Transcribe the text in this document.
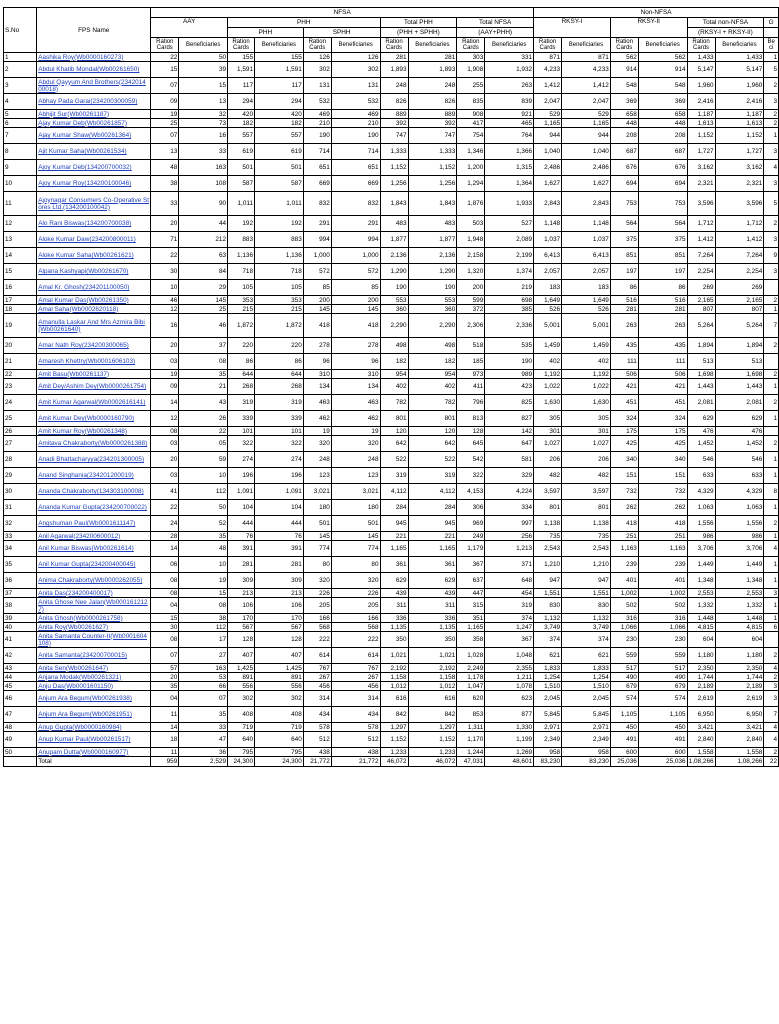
S.No	FPS Name	NFSA										Non-NFSA						
		AAY		PHH				Total PHH		Total NFSA		RKSY-I		RKSY-II		Total non-NFSA		G
				PHH		SPHH		(PHH + SPHH)		(AAY+PHH)						(RKSY-I + RKSY-II)		
		Ration Cards	Beneficiaries	Ration Cards	Beneficiaries	Ration Cards	Beneficiaries	Ration Cards	Beneficiaries	Ration Cards	Beneficiaries	Ration Cards	Beneficiaries	Ration Cards	Beneficiaries	Ration Cards	Beneficiaries	Be ci
1	Aashika Roy(Wb0000160273)	22	50	155	155	126	126	281	281	303	331	871	871	562	562	1,433	1,433	1
2	Abdul Khatib Mondal(Wb00261650)	15	39	1,591	1,591	302	302	1,893	1,893	1,908	1,932	4,233	4,233	914	914	5,147	5,147	5
3	Abdul Qayyum And Brothers(234201400018)	07	15	117	117	131	131	248	248	255	263	1,412	1,412	548	548	1,960	1,960	2
4	Abhay Pada Garai(234200300059)	09	13	294	294	532	532	826	826	835	839	2,047	2,047	369	369	2,416	2,416	3
5	Abhijit Sur(Wb00261187)	19	32	420	420	469	469	889	889	908	921	529	529	658	658	1,187	1,187	2
6	Ajay Kumar Deb(Wb00261857)	25	73	182	182	210	210	392	392	417	465	1,165	1,165	448	448	1,613	1,613	2
7	Ajay Kumar Shaw(Wb00261364)	07	16	557	557	190	190	747	747	754	764	944	944	208	208	1,152	1,152	1
8	Ajit Kumar Saha(Wb00261534)	13	33	619	619	714	714	1,333	1,333	1,346	1,366	1,040	1,040	687	687	1,727	1,727	3
9	Ajoy Kumar Deb(134200700032)	48	163	501	501	651	651	1,152	1,152	1,200	1,315	2,486	2,486	676	676	3,162	3,162	4
10	Ajoy Kumar Roy(134200100046)	38	108	587	587	669	669	1,256	1,256	1,294	1,364	1,627	1,627	694	694	2,321	2,321	3
11	Ajoynagar Consumers Co-Operative Stores Ltd.(134200100042)	33	90	1,011	1,011	832	832	1,843	1,843	1,876	1,933	2,843	2,843	753	753	3,596	3,596	5
12	Alo Rani Biswas(134200700038)	20	44	192	192	291	291	483	483	503	527	1,148	1,148	564	564	1,712	1,712	2
13	Aloke Kumar Daw(234200800011)	71	212	883	883	994	994	1,877	1,877	1,948	2,089	1,037	1,037	375	375	1,412	1,412	3
14	Aloke Kumar Saha(Wb00261621)	22	63	1,136	1,136	1,000	1,000	2,136	2,136	2,158	2,199	6,413	6,413	851	851	7,264	7,264	9
15	Alpana Kashyapi(Wb00261670)	30	84	718	718	572	572	1,290	1,290	1,320	1,374	2,057	2,057	197	197	2,254	2,254	3
16	Amal Kr. Ghosh(234201100050)	10	29	105	105	85	85	190	190	200	219	183	183	86	86	269	269	
17	Amal Kumar Das(Wb00261350)	46	145	353	353	200	200	553	553	599	698	1,649	1,649	516	516	2,165	2,165	2
18	Amal Saha(Wb0002620118)	12	25	215	215	145	145	360	360	372	385	526	526	281	281	807	807	1
19	Amanulla Laskar And Mrs Azmira Bibi(Wb00261640)	16	46	1,872	1,872	418	418	2,290	2,290	2,306	2,336	5,001	5,001	263	263	5,264	5,264	7
20	Amar Nath Roy(234200300065)	20	37	220	220	278	278	498	498	518	535	1,459	1,459	435	435	1,894	1,894	2
21	Amaresh Khettry(Wb0001606103)	03	08	86	86	96	96	182	182	185	190	402	402	111	111	513	513	
22	Amit Basu(Wb00261137)	19	35	644	644	310	310	954	954	973	989	1,192	1,192	506	506	1,698	1,698	2
23	Amit Dey/Ashim Dey(Wb0000261754)	09	21	268	268	134	134	402	402	411	423	1,022	1,022	421	421	1,443	1,443	1
24	Amit Kumar Agarwal(Wb0002616141)	14	43	319	319	463	463	782	782	796	825	1,630	1,630	451	451	2,081	2,081	2
25	Amit Kumar Dey(Wb0000160790)	12	26	339	339	462	462	801	801	813	827	305	305	324	324	629	629	1
26	Amit Kumar Roy(Wb00261348)	08	22	101	101	19	19	120	120	128	142	301	301	175	175	476	476	
27	Amitava Chakraborty(Wb0000261388)	03	05	322	322	320	320	642	642	645	647	1,027	1,027	425	425	1,452	1,452	2
28	Anadi Bhattacharyya(234201300005)	20	59	274	274	248	248	522	522	542	581	206	206	340	340	546	546	1
29	Anand Singhania(234201200019)	03	10	196	196	123	123	319	319	322	329	482	482	151	151	633	633	1
30	Ananda Chakraborty(134303100008)	41	112	1,091	1,091	3,021	3,021	4,112	4,112	4,153	4,224	3,597	3,597	732	732	4,329	4,329	8
31	Ananda Kumar Gupta(234200700022)	22	50	104	104	180	180	284	284	306	334	801	801	262	262	1,063	1,063	1
32	Angshuman Paul(Wb0001611147)	24	52	444	444	501	501	945	945	969	997	1,138	1,138	418	418	1,556	1,556	2
33	Anil Agarwal(234200600012)	28	35	76	76	145	145	221	221	249	256	735	735	251	251	986	986	1
34	Anil Kumar Biswas(Wb00261614)	14	48	391	391	774	774	1,165	1,165	1,179	1,213	2,543	2,543	1,163	1,163	3,706	3,706	4
35	Anil Kumar Gupta(234200400045)	06	10	281	281	80	80	361	361	367	371	1,210	1,210	239	239	1,449	1,449	1
36	Anima Chakraborty(Wb0000262055)	08	19	309	309	320	320	629	629	637	648	947	947	401	401	1,348	1,348	1
37	Anita Das(234200400017)	08	15	213	213	226	226	439	439	447	454	1,551	1,551	1,002	1,002	2,553	2,553	3
38	Anita Ghose Nee Jalan(Wb0001612127)	04	08	106	106	205	205	311	311	315	319	830	830	502	502	1,332	1,332	1
39	Anita Ghosh(Wb0000261758)	15	38	170	170	166	166	336	336	351	374	1,132	1,132	316	316	1,448	1,448	1
40	Anita Roy(Wb00261627)	30	112	567	567	568	568	1,135	1,135	1,165	1,247	3,749	3,749	1,066	1,066	4,815	4,815	6
41	Anita Samanta Counter-II(Wb0001604108)	08	17	128	128	222	222	350	350	358	367	374	374	230	230	604	604	
42	Anita Samanta(234200700015)	07	27	407	407	614	614	1,021	1,021	1,028	1,048	621	621	559	559	1,180	1,180	2
43	Anita Sen(Wb00261647)	57	163	1,425	1,425	767	767	2,192	2,192	2,249	2,355	1,833	1,833	517	517	2,350	2,350	4
44	Anjana Modak(Wb00261321)	20	53	891	891	267	267	1,158	1,158	1,178	1,211	1,254	1,254	490	490	1,744	1,744	2
45	Anju Das(Wb0001601150)	35	66	556	556	456	456	1,012	1,012	1,047	1,078	1,510	1,510	679	679	2,189	2,189	3
46	Anjum Ara Begum(Wb00261938)	04	07	302	302	314	314	616	616	620	623	2,045	2,045	574	574	2,619	2,619	3
47	Anjum Ara Begum(Wb00261951)	11	35	408	408	434	434	842	842	853	877	5,845	5,845	1,105	1,105	6,950	6,950	7
48	Anup Gupta(Wb0000160984)	14	33	719	719	578	578	1,297	1,297	1,311	1,330	2,971	2,971	450	450	3,421	3,421	4
49	Anup Kumar Paul(Wb00261517)	18	47	640	640	512	512	1,152	1,152	1,170	1,199	2,349	2,349	491	491	2,840	2,840	4
50	Anupam Dutta(Wb0000160977)	11	36	795	795	438	438	1,233	1,233	1,244	1,269	958	958	600	600	1,558	1,558	2
	Total	959	2,529	24,300	24,300	21,772	21,772	46,072	46,072	47,031	48,601	83,230	83,230	25,036	25,036	1,08,266	1,08,266	22
